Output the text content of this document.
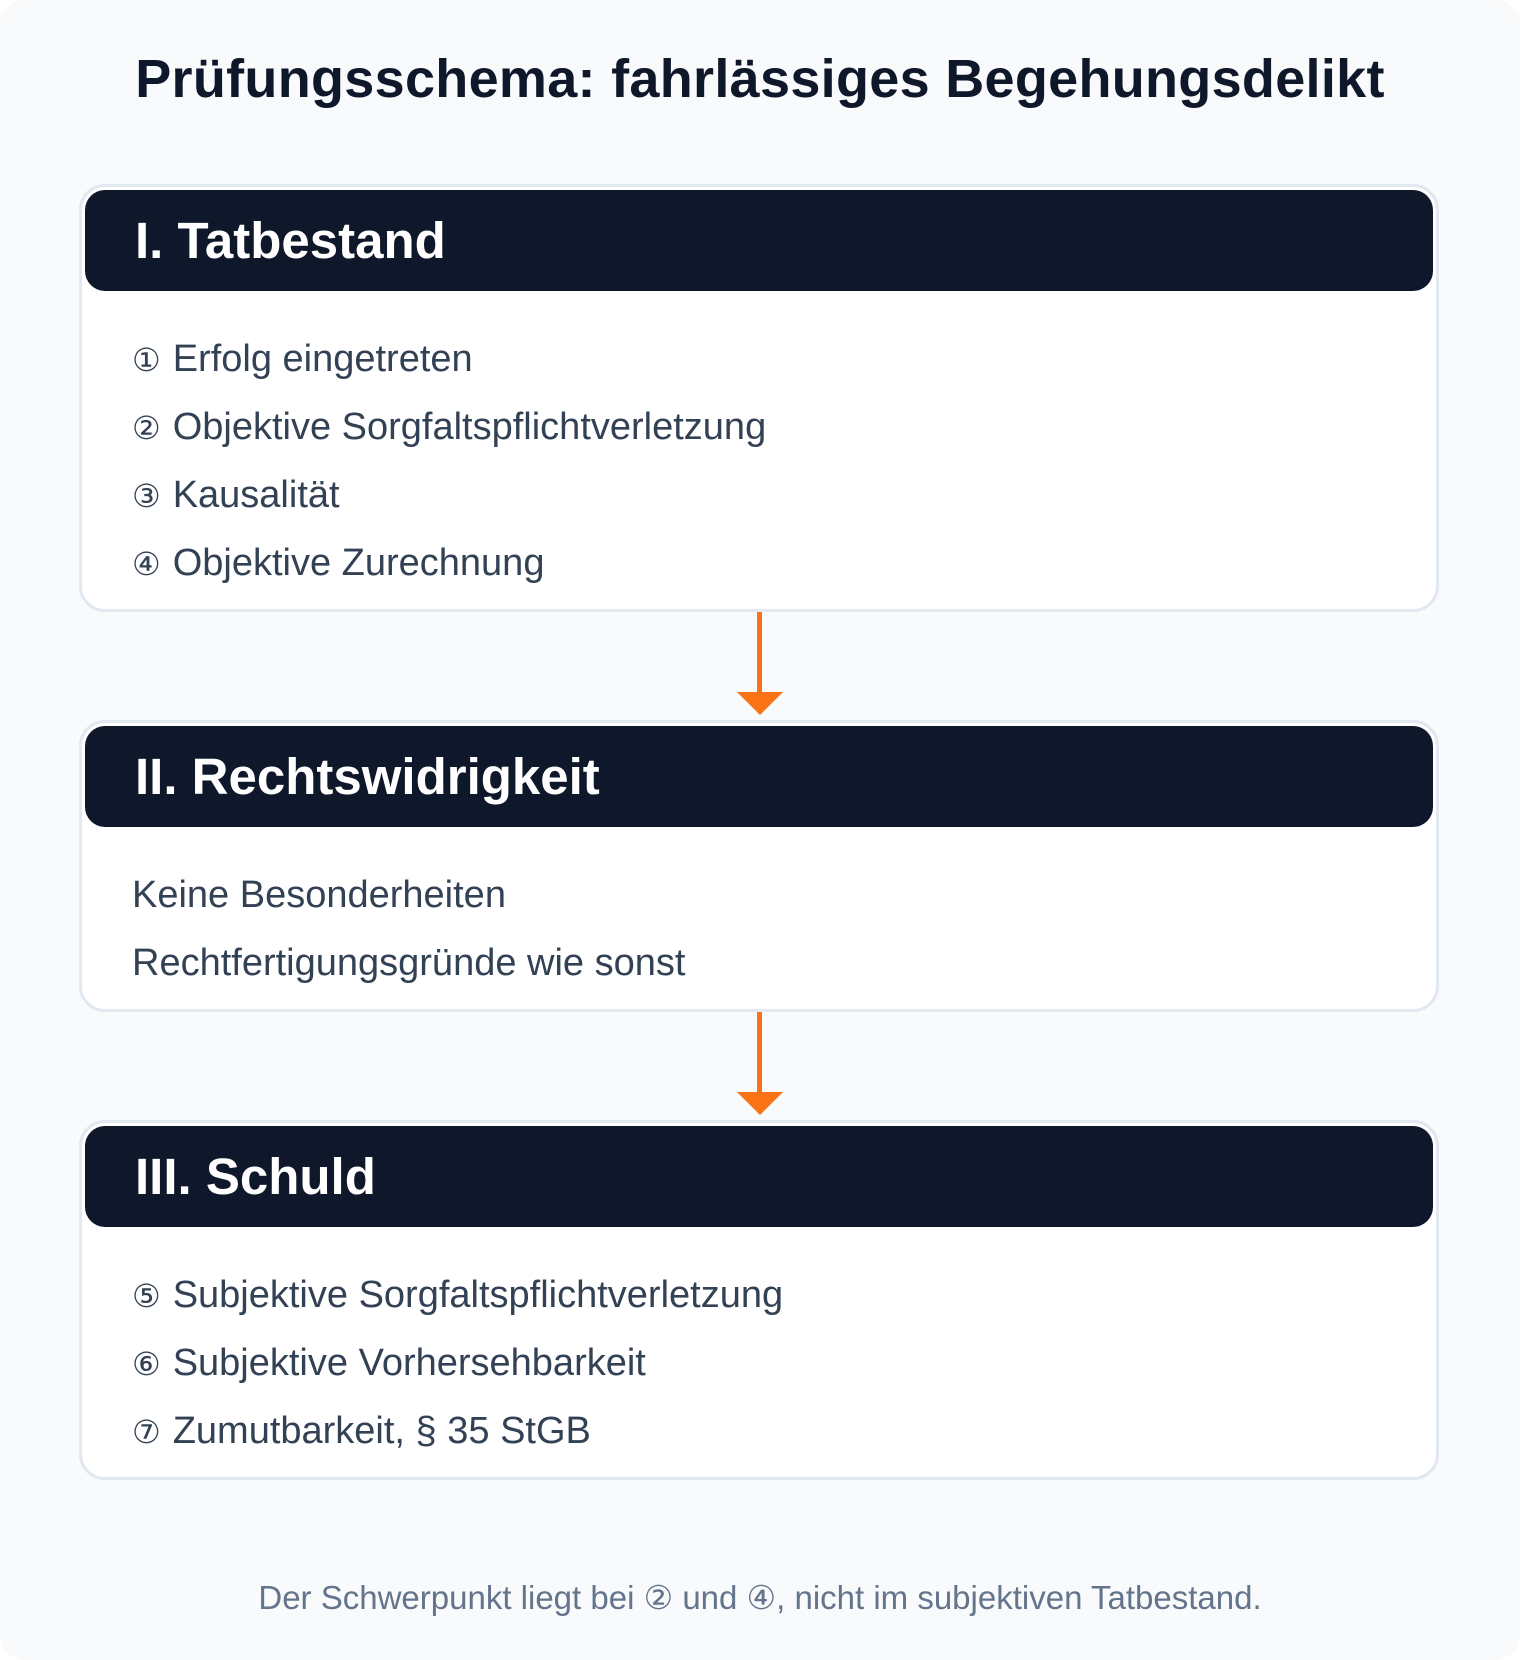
Prüfungsschema: fahrlässiges Begehungsdelikt
I. Tatbestand
① Erfolg eingetreten
② Objektive Sorgfaltspflichtverletzung
③ Kausalität
④ Objektive Zurechnung
II. Rechtswidrigkeit
Keine Besonderheiten
Rechtfertigungsgründe wie sonst
III. Schuld
⑤ Subjektive Sorgfaltspflichtverletzung
⑥ Subjektive Vorhersehbarkeit
⑦ Zumutbarkeit, § 35 StGB
Der Schwerpunkt liegt bei ② und ④, nicht im subjektiven Tatbestand.
